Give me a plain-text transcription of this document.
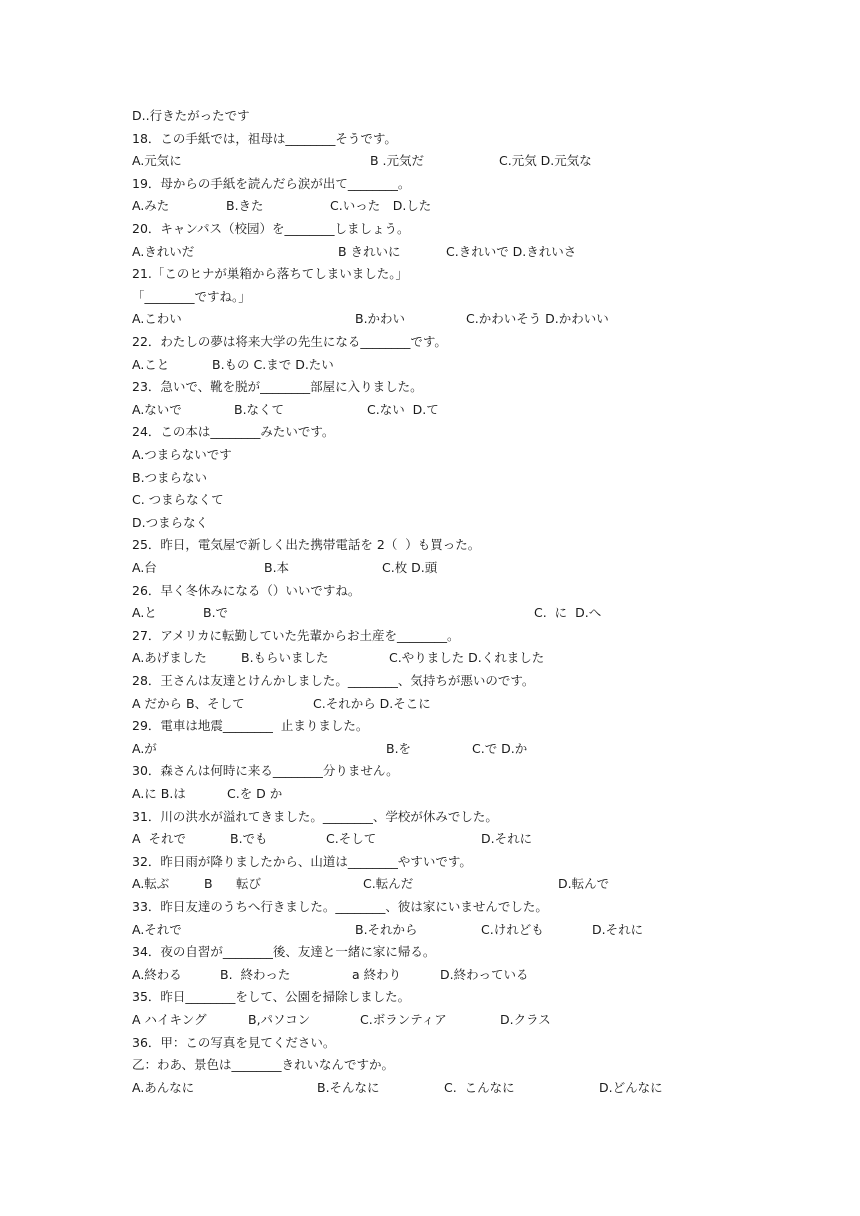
D..行きたがったです
18．この手紙では，祖母は________そうです。
A.元気に	B .元気だ	C.元気 D.元気な
19．母からの手紙を読んだら涙が出て________。
A.みた	B.きた	C.いった　D.した
20．キャンパス（校园）を________しましょう。
A.きれいだ	B きれいに	C.きれいで D.きれいさ
21.「このヒナが巣箱から落ちてしまいました。」
「________ですね。」
A.こわい	B.かわい	C.かわいそう D.かわいい
22．わたしの夢は将来大学の先生になる________です。
A.こと	B.もの C.まで D.たい
23．急いで、靴を脱が________部屋に入りました。
A.ないで	B.なくて	C.ない  D.て
24．この本は________みたいです。
A.つまらないです
B.つまらない
C. つまらなくて
D.つまらなく
25．昨日，電気屋で新しく出た携帯電話を 2（  ）も買った。
A.台	B.本	C.枚 D.頭
26．早く冬休みになる（）いいですね。
A.と	B.で	C.  に  D.へ
27．アメリカに転勤していた先輩からお土産を________。
A.あげました	B.もらいました	C.やりました D.くれました
28．王さんは友達とけんかしました。________、気持ちが悪いのです。
A だから B、そして	C.それから D.そこに
29．電車は地震________  止まりました。
A.が	B.を	C.で D.か
30．森さんは何時に来る________分りません。
A.に B.は	C.を D か
31．川の洪水が溢れてきました。________、学校が休みでした。
A  それで	B.でも	C.そして	D.それに
32．昨日雨が降りましたから、山道は________やすいです。
A.転ぶ	B 転び	C.転んだ	D.転んで
33．昨日友達のうちへ行きました。________、彼は家にいませんでした。
A.それで	B.それから	C.けれども	D.それに
34．夜の自習が________後、友達と一緒に家に帰る。
A.終わる	B.  終わった	a 終わり	D.終わっている
35．昨日________をして、公園を掃除しました。
A ハイキング	B,パソコン	C.ボランティア	D.クラス
36．甲：この写真を見てください。
乙：わあ、景色は________きれいなんですか。
A.あんなに	B.そんなに	C.  こんなに	D.どんなに
